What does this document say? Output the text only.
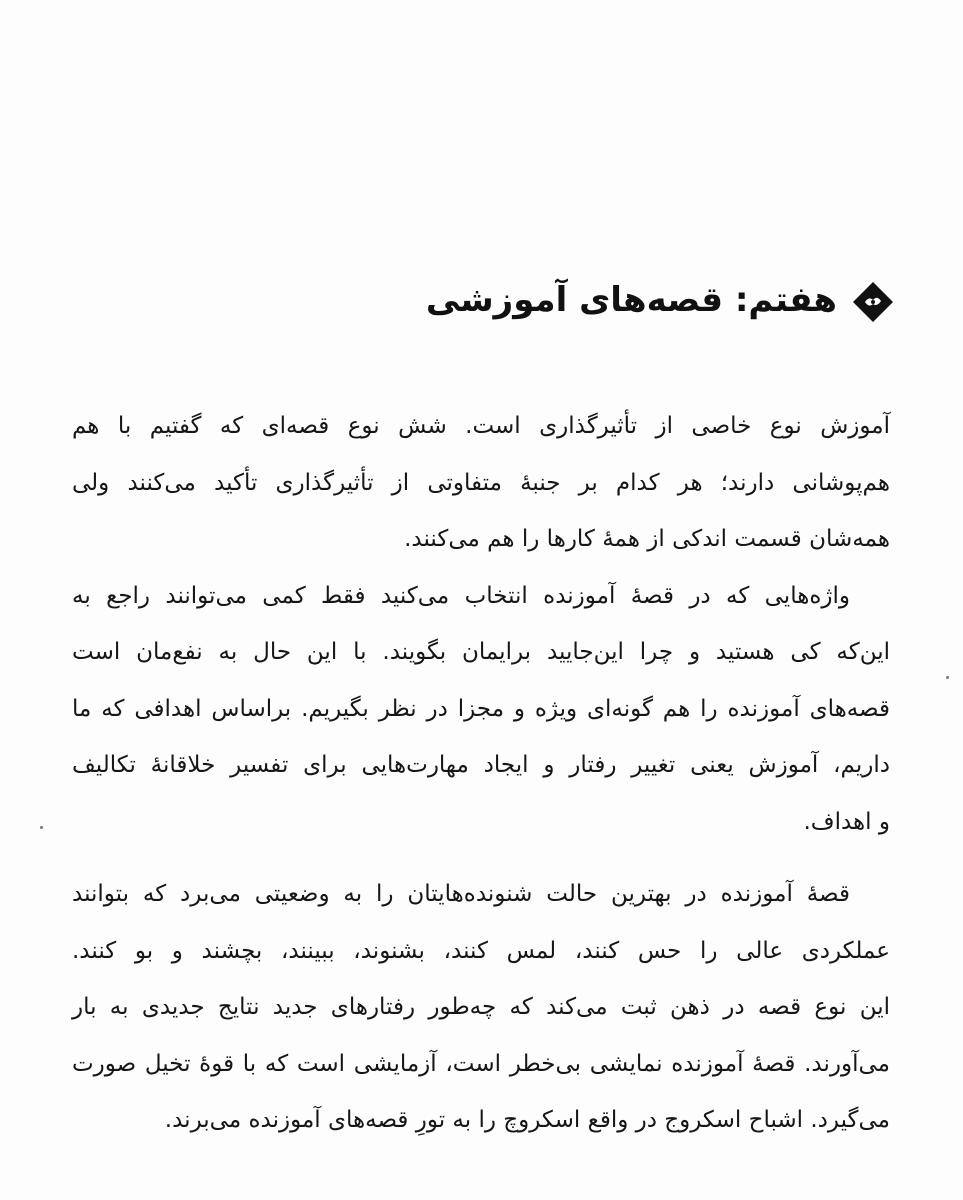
هفتم: قصه‌های آموزشی

آموزش نوع خاصی از تأثیرگذاری است. شش نوع قصه‌ای که گفتیم با هم
هم‌پوشانی دارند؛ هر کدام بر جنبهٔ متفاوتی از تأثیرگذاری تأکید می‌کنند ولی
همه‌شان قسمت اندکی از همهٔ کارها را هم می‌کنند.

واژه‌هایی که در قصهٔ آموزنده انتخاب می‌کنید فقط کمی می‌توانند راجع به
این‌که کی هستید و چرا این‌جایید برایمان بگویند. با این حال به نفع‌مان است
قصه‌های آموزنده را هم گونه‌ای ویژه و مجزا در نظر بگیریم. براساس اهدافی که ما
داریم، آموزش یعنی تغییر رفتار و ایجاد مهارت‌هایی برای تفسیر خلاقانهٔ تکالیف
و اهداف.

قصهٔ آموزنده در بهترین حالت شنونده‌هایتان را به وضعیتی می‌برد که بتوانند
عملکردی عالی را حس کنند، لمس کنند، بشنوند، ببینند، بچشند و بو کنند.
این نوع قصه در ذهن ثبت می‌کند که چه‌طور رفتارهای جدید نتایج جدیدی به بار
می‌آورند. قصهٔ آموزنده نمایشی بی‌خطر است، آزمایشی است که با قوهٔ تخیل صورت
می‌گیرد. اشباح اسکروج در واقع اسکروچ را به تورِ قصه‌های آموزنده می‌برند.
